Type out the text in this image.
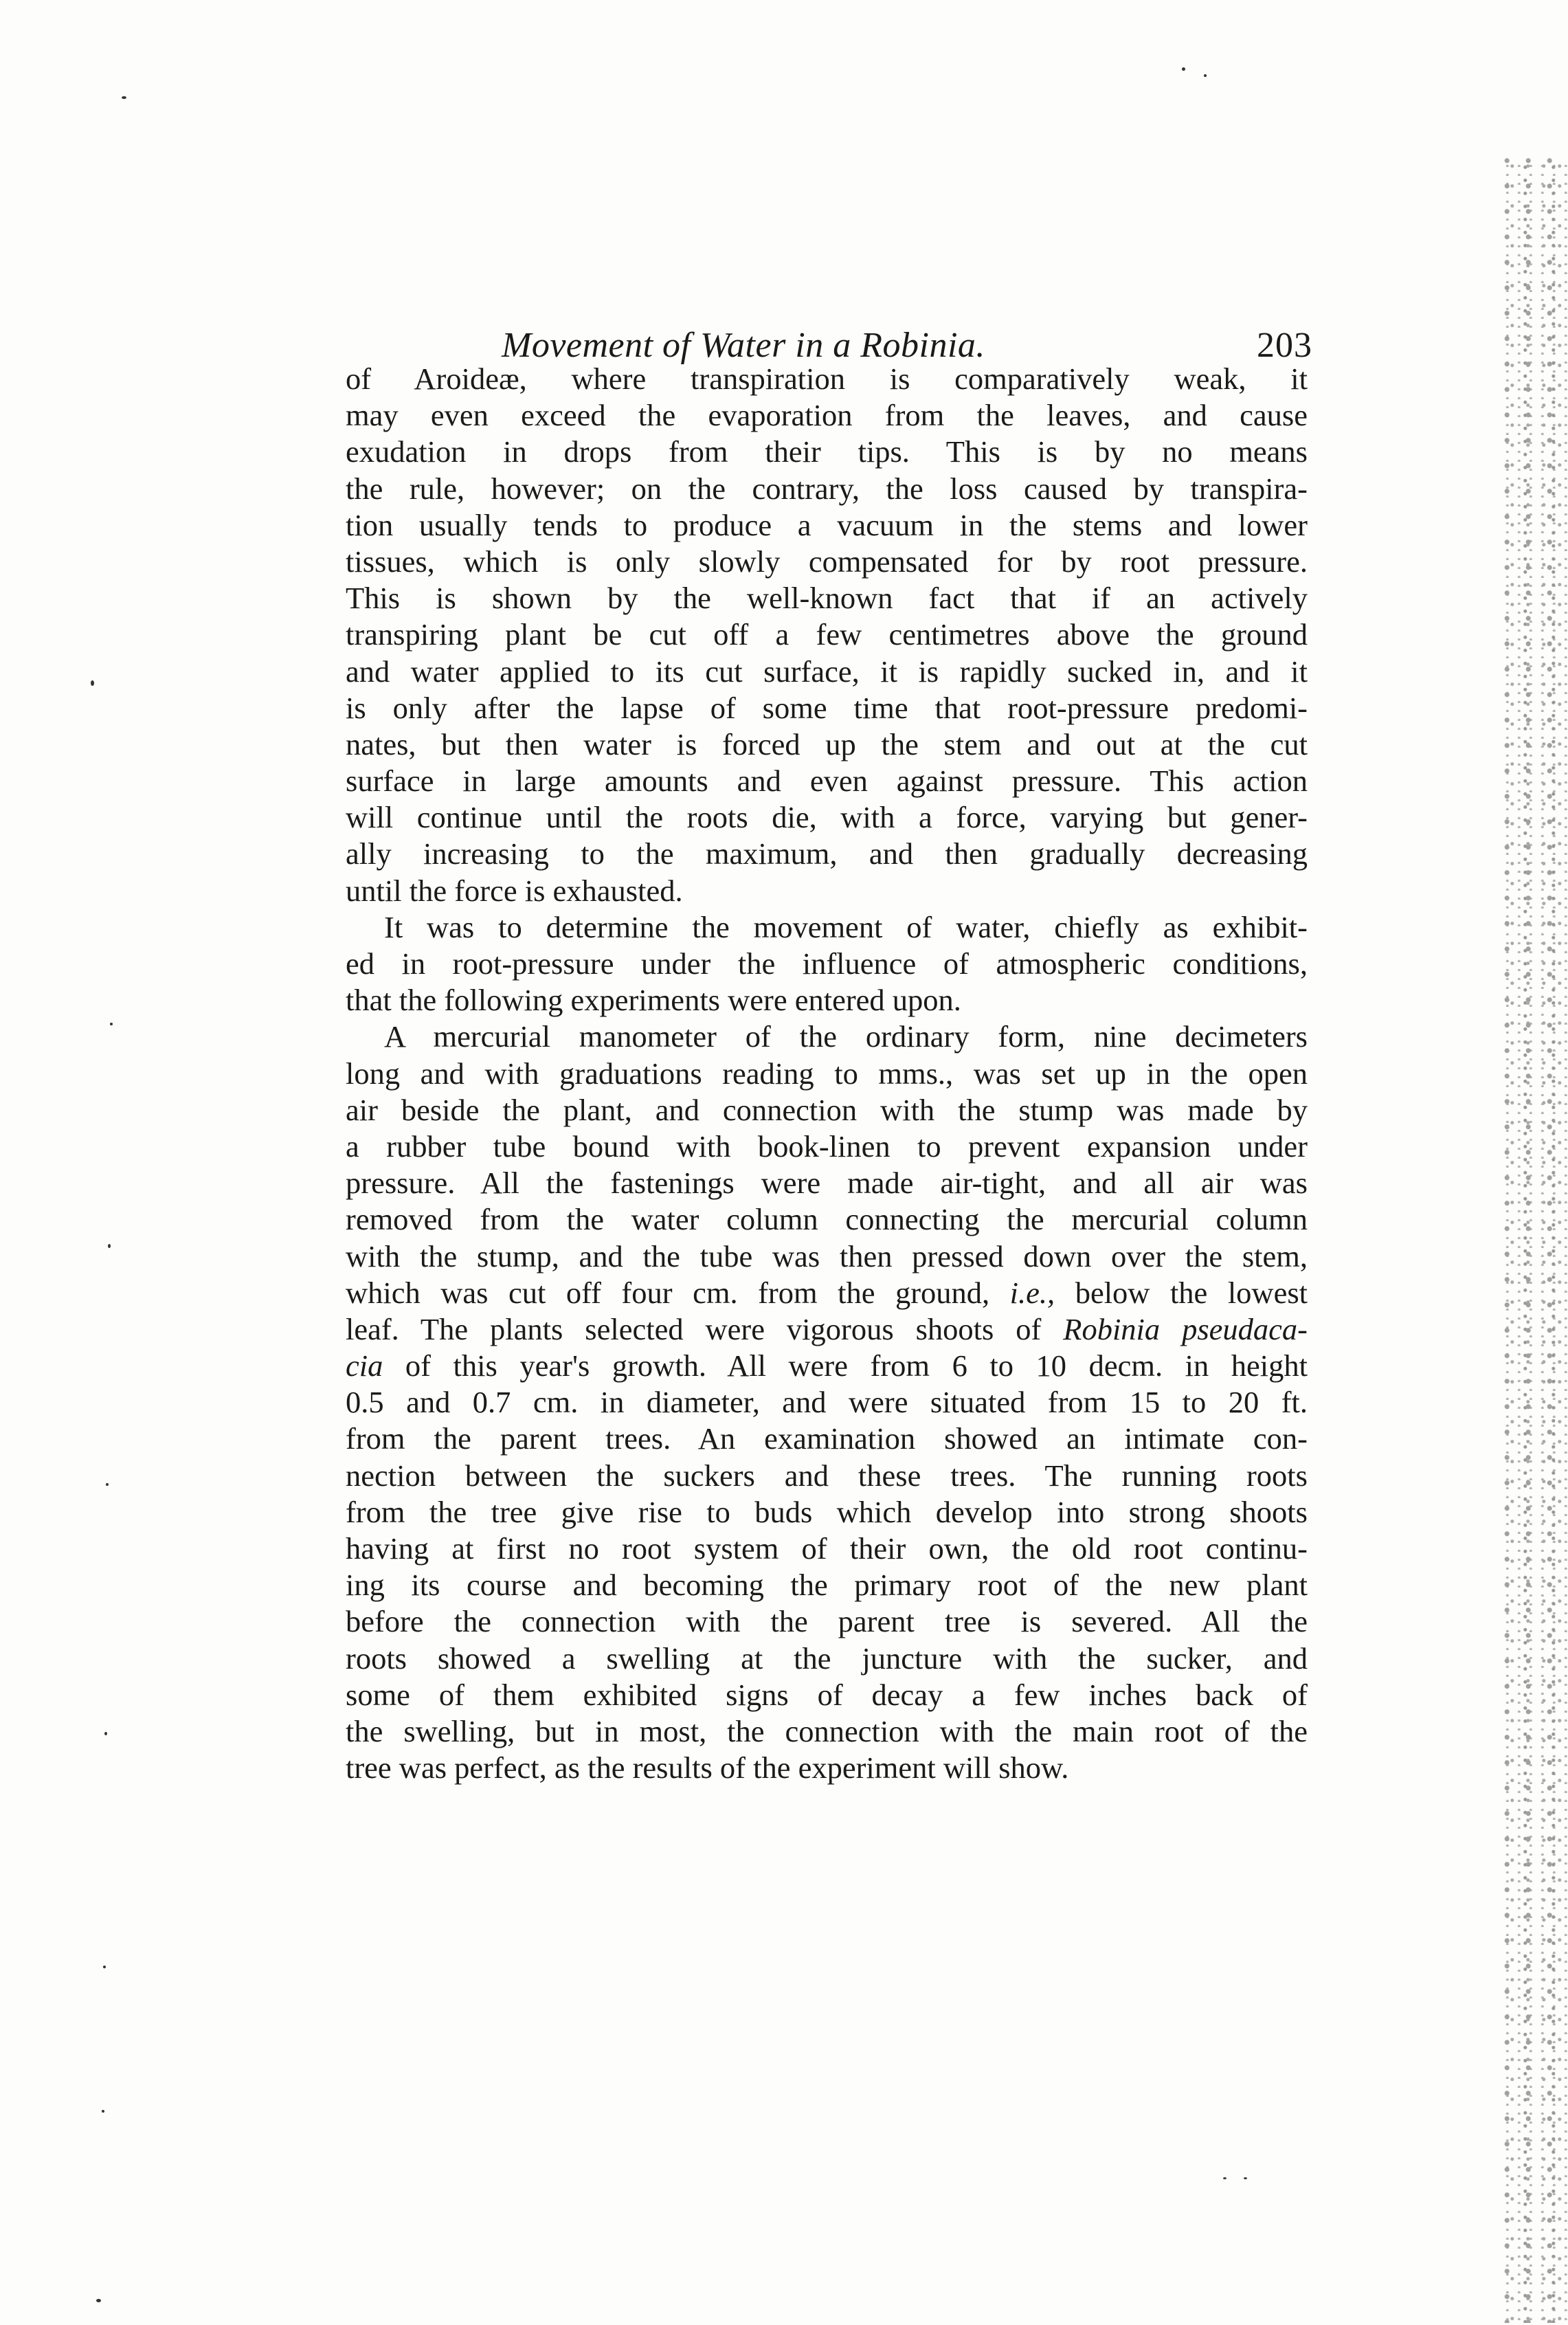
Movement of Water in a Robinia.	203
of Aroideæ, where transpiration is comparatively weak, it
may even exceed the evaporation from the leaves, and cause
exudation in drops from their tips. This is by no means
the rule, however; on the contrary, the loss caused by transpira-
tion usually tends to produce a vacuum in the stems and lower
tissues, which is only slowly compensated for by root pressure.
This is shown by the well-known fact that if an actively
transpiring plant be cut off a few centimetres above the ground
and water applied to its cut surface, it is rapidly sucked in, and it
is only after the lapse of some time that root-pressure predomi-
nates, but then water is forced up the stem and out at the cut
surface in large amounts and even against pressure. This action
will continue until the roots die, with a force, varying but gener-
ally increasing to the maximum, and then gradually decreasing
until the force is exhausted.
It was to determine the movement of water, chiefly as exhibit-
ed in root-pressure under the influence of atmospheric conditions,
that the following experiments were entered upon.
A mercurial manometer of the ordinary form, nine decimeters
long and with graduations reading to mms., was set up in the open
air beside the plant, and connection with the stump was made by
a rubber tube bound with book-linen to prevent expansion under
pressure. All the fastenings were made air-tight, and all air was
removed from the water column connecting the mercurial column
with the stump, and the tube was then pressed down over the stem,
which was cut off four cm. from the ground, i.e., below the lowest
leaf. The plants selected were vigorous shoots of Robinia pseudaca-
cia of this year's growth. All were from 6 to 10 decm. in height
0.5 and 0.7 cm. in diameter, and were situated from 15 to 20 ft.
from the parent trees. An examination showed an intimate con-
nection between the suckers and these trees. The running roots
from the tree give rise to buds which develop into strong shoots
having at first no root system of their own, the old root continu-
ing its course and becoming the primary root of the new plant
before the connection with the parent tree is severed. All the
roots showed a swelling at the juncture with the sucker, and
some of them exhibited signs of decay a few inches back of
the swelling, but in most, the connection with the main root of the
tree was perfect, as the results of the experiment will show.
